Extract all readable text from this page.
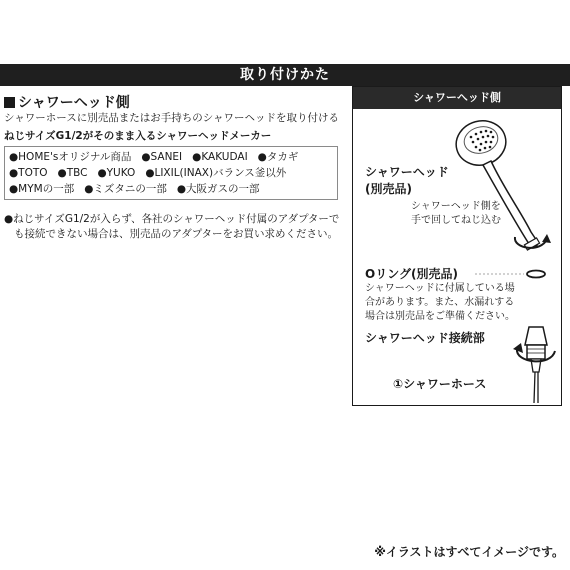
取り付けかた
シャワーヘッド側
シャワーホースに別売品またはお手持ちのシャワーヘッドを取り付ける
ねじサイズG1/2がそのまま入るシャワーヘッドメーカー
●HOME'sオリジナル商品 ●SANEI ●KAKUDAI ●タカギ
●TOTO ●TBC ●YUKO ●LIXIL(INAX)バランス釜以外
●MYMの一部 ●ミズタニの一部 ●大阪ガスの一部
●ねじサイズG1/2が入らず、各社のシャワーヘッド付属のアダプターで
も接続できない場合は、別売品のアダプターをお買い求めください。
シャワーヘッド側
シャワーヘッド
(別売品)
シャワーヘッド側を
手で回してねじ込む
Oリング(別売品)
シャワーヘッドに付属している場
合があります。また、水漏れする
場合は別売品をご準備ください。
シャワーヘッド接続部
①シャワーホース
※イラストはすべてイメージです。
